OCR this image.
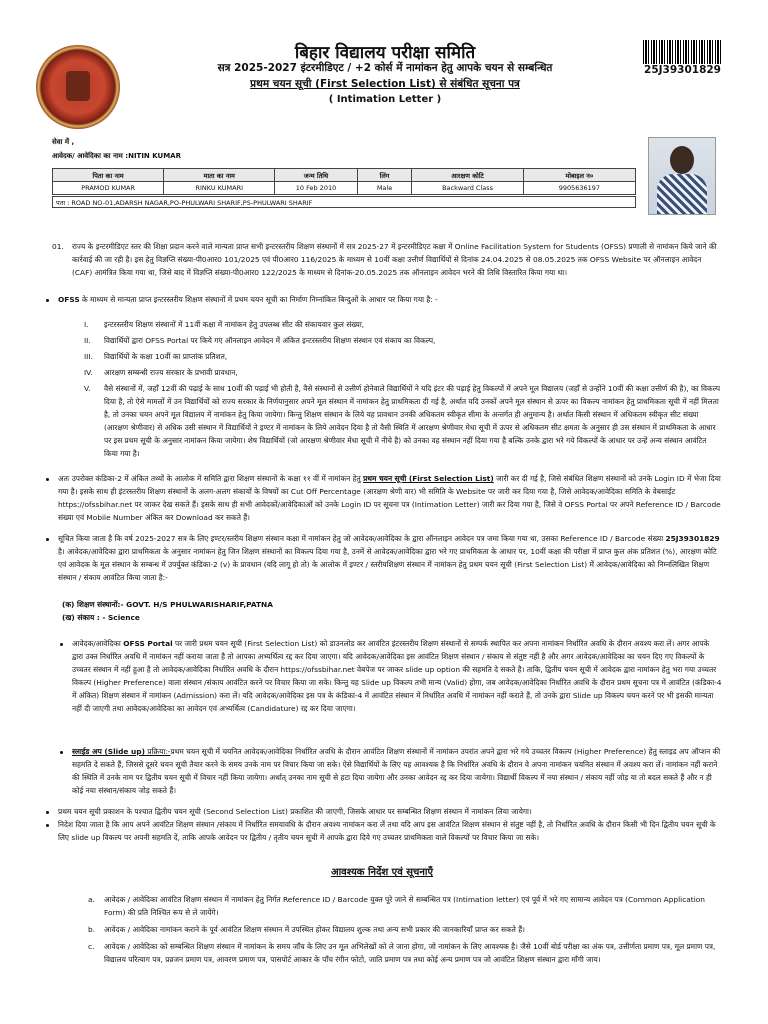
बिहार विद्यालय परीक्षा समिति
सत्र 2025-2027 इंटरमीडिएट / +2 कोर्स में नामांकन हेतु आपके चयन से सम्बन्धित
प्रथम चयन सूची (First Selection List) से संबंधित सूचना पत्र
( Intimation Letter )
25J39301829
सेवा में ,
आवेदक/ आवेदिका का नाम :NITIN KUMAR
पिता का नाम	माता का नाम	जन्म तिथि	लिंग	आरक्षण कोटि	मोबाइल न०
PRAMOD KUMAR	RINKU KUMARI	10 Feb 2010	Male	Backward Class	9905636197
पता : ROAD NO-01,ADARSH NAGAR,PO-PHULWARI SHARIF,PS-PHULWARI SHARIF
01. राज्य के इन्टरमीडिएट स्तर की शिक्षा प्रदान करने वाले मान्यता प्राप्त सभी इन्टरस्तरीय शिक्षण संस्थानों में सत्र 2025-27 में इन्टरमीडिएट कक्षा में Online Facilitation System for Students (OFSS) प्रणाली से नामांकन किये जाने की कार्रवाई की जा रही है। इस हेतु विज्ञप्ति संख्या-पी0आर0 101/2025 एवं पी0आर0 116/2025 के माध्यम से 10वीं कक्षा उत्तीर्ण विद्यार्थियों से दिनांक 24.04.2025 से 08.05.2025 तक OFSS Website पर ऑनलाइन आवेदन (CAF) आमंत्रित किया गया था, जिसे बाद में विज्ञप्ति संख्या-पी0आर0 122/2025 के माध्यम से दिनांक-20.05.2025 तक ऑनलाइन आवेदन भरने की तिथि विस्तारित किया गया था।
OFSS के माध्यम से मान्यता प्राप्त इन्टरस्तरीय शिक्षण संस्थानों में प्रथम चयन सूची का निर्माण निम्नांकित बिन्दुओं के आधार पर किया गया है: -
I. इन्टरस्तरीय शिक्षण संस्थानों में 11वीं कक्षा में नामांकन हेतु उपलब्ध सीट की संकायवार कुल संख्या,
II. विद्यार्थियों द्वारा OFSS Portal पर किये गए ऑनलाइन आवेदन में अंकित इन्टरस्तरीय शिक्षण संस्थान एवं संकाय का विकल्प,
III. विद्यार्थियों के कक्षा 10वीं का प्राप्तांक प्रतिशत,
IV. आरक्षण सम्बन्धी राज्य सरकार के प्रभावी प्रावधान,
V. वैसे संस्थानों में, जहाँ 12वीं की पढ़ाई के साथ 10वीं की पढ़ाई भी होती है, वैसे संस्थानों से उत्तीर्ण होनेवाले विद्यार्थियों ने यदि इंटर की पढ़ाई हेतु विकल्पों में अपने मूल विद्यालय (जहाँ से उन्होंने 10वीं की कक्षा उत्तीर्ण की है), का विकल्प दिया है, तो ऐसे मामलों में उन विद्यार्थियों को राज्य सरकार के निर्णयानुसार अपने मूल संस्थान में नामांकन हेतु प्राथमिकता दी गई है, अर्थात यदि उनकों अपने मूल संस्थान से ऊपर का विकल्प नामांकन हेतु प्राथमिकता सूची में नहीं मिलता है, तो उनका चयन अपने मूल विद्यालय में नामांकन हेतु किया जायेगा। किन्तु शिक्षण संस्थान के लिये यह प्रावधान उनकी अधिकतम स्वीकृत सीमा के अन्तर्गत ही अनुमान्य है। अर्थात किसी संस्थान में अधिकतम स्वीकृत सीट संख्या (आरक्षण श्रेणीवार) से अधिक उसी संस्थान में विद्यार्थियों ने इण्टर में नामांकन के लिये आवेदन दिया है तो वैसी स्थिति में आरक्षण श्रेणीवार मेधा सूची में ऊपर से अधिकतम सीट क्षमता के अनुसार ही उस संस्थान में प्राथमिकता के आधार पर इस प्रथम सूची के अनुसार नामांकन किया जायेगा। शेष विद्यार्थियों (जो आरक्षण श्रेणीवार मेधा सूची में नीचे है) को उनका वह संस्थान नहीं दिया गया है बल्कि उनके द्वारा भरे गये विकल्पों के आधार पर उन्हें अन्य संस्थान आवंटित किया गया है।
अतः उपरोक्त कंडिका-2 में अंकित तथ्यों के आलोक में समिति द्वारा शिक्षण संस्थानों के कक्षा ११ वीं में नामांकन हेतु प्रथम चयन सूची (First Selection List) जारी कर दी गई है, जिसे संबंधित शिक्षण संस्थानों को उनके Login ID में भेजा दिया गया है। इसके साथ ही इंटरस्तरीय शिक्षण संस्थानों के अलग-अलग संकायों के विषयों का Cut Off Percentage (आरक्षण श्रेणी वार) भी समिति के Website पर जारी कर दिया गया है, जिसे आवेदक/आवेदिका समिति के वेबसाईट https://ofssbihar.net पर जाकर देख सकते हैं। इसके साथ ही सभी आवेदकों/आवेदिकाओं को उनके Login ID पर सूचना पत्र (Intimation Letter) जारी कर दिया गया है, जिसे वे OFSS Portal पर अपने Reference ID / Barcode संख्या एवं Mobile Number अंकित कर Download कर सकते हैं।
सूचित किया जाता है कि वर्ष 2025-2027 सत्र के लिए इण्टर/स्तरीय शिक्षण संस्थान कक्षा में नामांकन हेतु जो आवेदक/आवेदिका के द्वारा ऑनलाइन आवेदन पत्र जमा किया गया था, उसका Reference ID / Barcode संख्या 25J39301829 है। आवेदक/आवेदिका द्वारा प्राथमिकता के अनुसार नामांकन हेतु जिन शिक्षण संस्थानों का विकल्प दिया गया है, उनमें से आवेदक/आवेदिका द्वारा भरे गए प्राथमिकता के आधार पर, 10वीं कक्षा की परीक्षा में प्राप्त कुल अंक प्रतिशत (%), आरक्षण कोटि एवं आवेदक के मूल संस्थान के सम्बन्ध में उपर्युक्त कंडिका-2 (v) के प्रावधान (यदि लागू हो तो) के आलोक में इण्टर / स्तरीयशिक्षण संस्थान में नामांकन हेतु प्रथम चयन सूची (First Selection List) में आवेदक/आवेदिका को निम्नलिखित शिक्षण संस्थान / संकाय आवंटित किया जाता है:-
(क) शिक्षण संस्थानों:- GOVT. H/S PHULWARISHARIF,PATNA
(ख) संकाय : - Science
आवेदक/आवेदिका OFSS Portal पर जारी प्रथम चयन सूची (First Selection List) को डाउनलोड कर आवंटित इंटरस्तरीय शिक्षण संस्थानों से सम्पर्क स्थापित कर अपना नामांकन निर्धारित अवधि के दौरान अवश्य करा लें। अगर आपके द्वारा उक्त निर्धारित अवधि में नामांकन नहीं कराया जाता है तो आपका अभ्यर्थित्व रद्द कर दिया जाएगा। यदि आवेदक/आवेदिका इस आवंटित शिक्षण संस्थान / संकाय से संतुष्ट नहीं है और अगर आवेदक/आवेदिका का चयन दिए गए विकल्पों के उच्चतर संस्थान में नहीं हुआ है तो आवेदक/आवेदिका निर्धारित अवधि के दौरान https://ofssbihar.net वेबपेज पर जाकर slide up option की सहमति दे सकते है। ताकि, द्वितीय चयन सूची में आवेदक द्वारा नामांकन हेतु भरा गया उच्चतर विकल्प (Higher Preference) वाला संस्थान /संकाय आवंटित करने पर विचार किया जा सके। किन्तु यह Slide up विकल्प तभी मान्य (Valid) होगा, जब आवेदक/आवेदिका निर्धारित अवधि के दौरान प्रथम सूचना पत्र में आवंटित (कंडिका-4 में अंकित) शिक्षण संस्थान में नामांकन (Admission) करा लें। यदि आवेदक/आवेदिका इस पत्र के कंडिका-4 में आवंटित संस्थान में निर्धारित अवधि में नामांकन नहीं कराते हैं, तो उनके द्वारा Slide up विकल्प चयन करने पर भी इसकी मान्यता नहीं दी जाएगी तथा आवेदक/आवेदिका का आवेदन एवं अभ्यर्थित्व (Candidature) रद्द कर दिया जाएगा।
स्लाईड अप (Slide up) प्रक्रिया:-प्रथम चयन सूची में चयनित आवेदक/आवेदिका निर्धारित अवधि के दौरान आवंटित शिक्षण संस्थानों में नामांकन उपरांत अपने द्वारा भरे गये उच्चतर विकल्प (Higher Preference) हेतु स्लाइड अप ऑप्शन की सहमति दे सकते हैं, जिससे दूसरे चयन सूची तैयार करने के समय उनके नाम पर विचार किया जा सके। ऐसे विद्यार्थियों के लिए यह आवश्यक है कि निर्धारित अवधि के दौरान वे अपना नामांकन चयनित संस्थान में अवश्य करा लें। नामांकन नहीं कराने की स्थिति में उनके नाम पर द्वितीय चयन सूची में विचार नहीं किया जायेगा। अर्थात् उनका नाम सूची से हटा दिया जायेगा और उनका आवेदन रद्द कर दिया जायेगा। विद्यार्थी विकल्प में नया संस्थान / संकाय नहीं जोड़ या तो बदल सकते हैं और न ही कोई नया संस्थान/संकाय जोड़ सकते हैं।
प्रथम चयन सूची प्रकाशन के पश्चात द्वितीय चयन सूची (Second Selection List) प्रकाशित की जाएगी, जिसके आधार पर सम्बन्धित शिक्षण संस्थान में नामांकन लिया जायेगा।
निदेश दिया जाता है कि आप अपने आवंटित शिक्षण संस्थान /संकाय में निर्धारित समयावधि के दौरान अवश्य नामांकन करा लें तथा यदि आप इस आवंटित शिक्षण संस्थान से संतुष्ट नहीं है, तो निर्धारित अवधि के दौरान किसी भी दिन द्वितीय चयन सूची के लिए slide up विकल्प पर अपनी सहमति दें, ताकि आपके आवेदन पर द्वितीय / तृतीय चयन सूची में आपके द्वारा दिये गए उच्चतर प्राथमिकता वाले विकल्पों पर विचार किया जा सके।
आवश्यक निर्देश एवं सूचनाएँ
a. आवेदक / आवेदिका आवंटित शिक्षण संस्थान में नामांकन हेतु निर्गत Reference ID / Barcode युक्त पूरे जाने से सम्बन्धित पत्र (Intimation letter) एवं पूर्व में भरे गए सामान्य आवेदन पत्र (Common Application Form) की प्रति निश्चित रूप से ले जायेंगे।
b. आवेदक / आवेदिका नामांकन कराने के पूर्व आवंटित शिक्षण संस्थान में उपस्थित होकर विद्यालय शुल्क तथा अन्य सभी प्रकार की जानकारियाँ प्राप्त कर सकते हैं।
c. आवेदक / आवेदिका को सम्बन्धित शिक्षण संस्थान में नामांकन के समय जाँच के लिए उन मूल अभिलेखों को ले जाना होगा, जो नामांकन के लिए आवश्यक है। जैसे 10वीं बोर्ड परीक्षा का अंक पत्र, उत्तीर्णता प्रमाण पत्र, मूल प्रमाण पत्र, विद्यालय परित्याग पत्र, प्रव्रजन प्रमाण पत्र, आवरण प्रमाण पत्र, पासपोर्ट आकार के पाँच रंगीन फोटो, जाति प्रमाण पत्र तथा कोई अन्य प्रमाण पत्र जो आवंटित शिक्षण संस्थान द्वारा माँगी जाय।
